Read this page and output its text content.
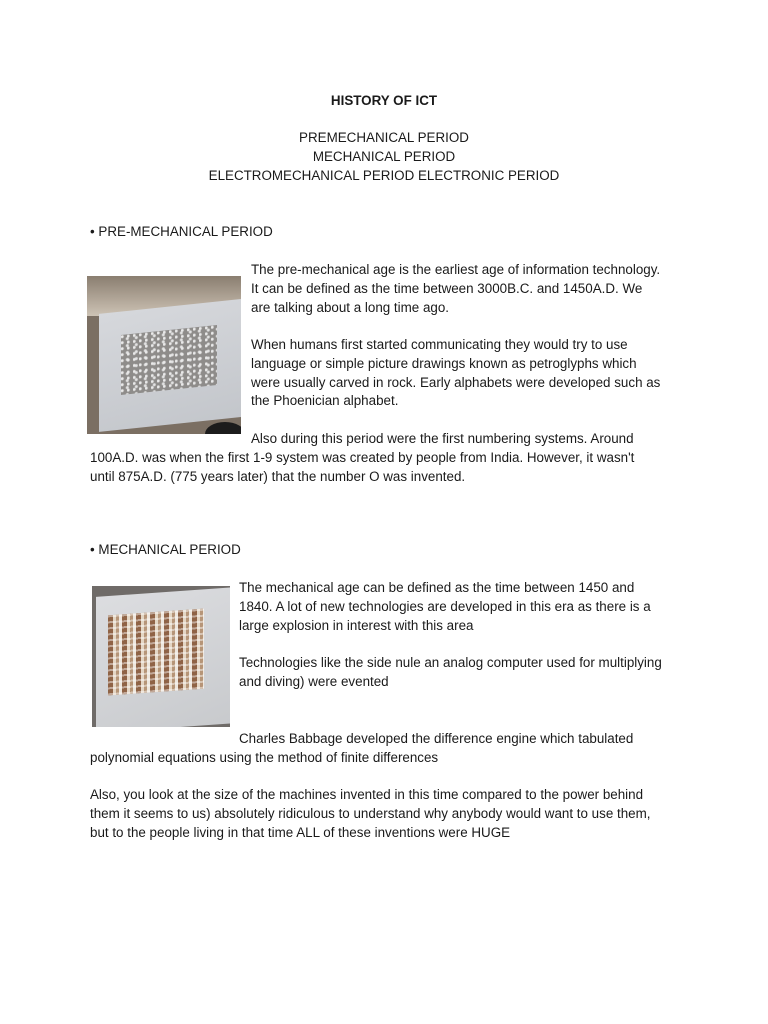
HISTORY OF ICT
PREMECHANICAL PERIOD
MECHANICAL PERIOD
ELECTROMECHANICAL PERIOD ELECTRONIC PERIOD
• PRE-MECHANICAL PERIOD

The pre-mechanical age is the earliest age of information technology.
It can be defined as the time between 3000B.C. and 1450A.D. We
are talking about a long time ago.

When humans first started communicating they would try to use
language or simple picture drawings known as petroglyphs which
were usually carved in rock. Early alphabets were developed such as
the Phoenician alphabet.

Also during this period were the first numbering systems. Around

100A.D. was when the first 1-9 system was created by people from India. However, it wasn't
until 875A.D. (775 years later) that the number O was invented.

• MECHANICAL PERIOD

The mechanical age can be defined as the time between 1450 and
1840. A lot of new technologies are developed in this era as there is a
large explosion in interest with this area

Technologies like the side nule an analog computer used for multiplying
and diving) were evented

Charles Babbage developed the difference engine which tabulated

polynomial equations using the method of finite differences

Also, you look at the size of the machines invented in this time compared to the power behind
them it seems to us) absolutely ridiculous to understand why anybody would want to use them,
but to the people living in that time ALL of these inventions were HUGE
